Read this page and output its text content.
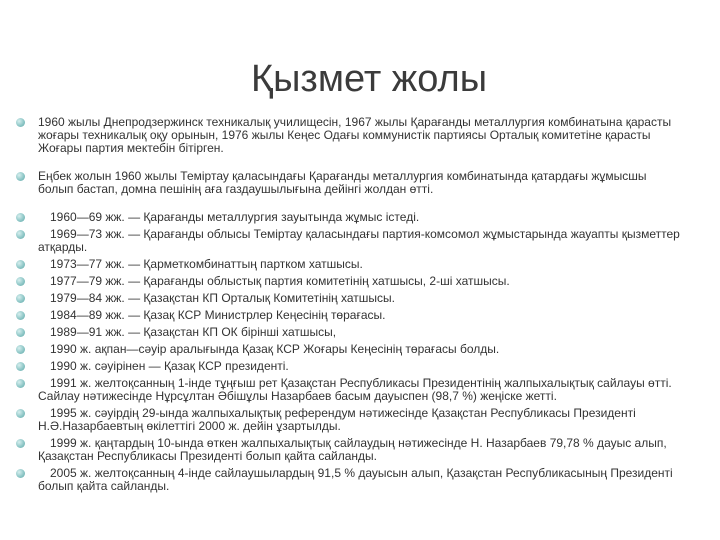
Қызмет жолы
1960 жылы Днепродзержинск техникалық училищесін, 1967 жылы Қарағанды металлургия комбинатына қарасты жоғары техникалық оқу орынын, 1976 жылы Кеңес Одағы коммунистік партиясы Орталық комитетіне қарасты Жоғары партия мектебін бітірген.
Еңбек жолын 1960 жылы Теміртау қаласындағы Қарағанды металлургия комбинатында қатардағы жұмысшы болып бастап, домна пешінің аға газдаушылығына дейінгі жолдан өтті.
1960—69 жж. — Қарағанды металлургия зауытында жұмыс істеді.
1969—73 жж. — Қарағанды облысы Теміртау қаласындағы партия-комсомол жұмыстарында жауапты қызметтер атқарды.
1973—77 жж. — Қарметкомбинаттың партком хатшысы.
1977—79 жж. — Қарағанды облыстық партия комитетінің хатшысы, 2-ші хатшысы.
1979—84 жж. — Қазақстан КП Орталық Комитетінің хатшысы.
1984—89 жж. — Қазақ КСР Министрлер Кеңесінің төрағасы.
1989—91 жж. — Қазақстан КП ОК бірінші хатшысы,
1990 ж. ақпан—сәуір аралығында Қазақ КСР Жоғары Кеңесінің төрағасы болды.
1990 ж. сәуірінен — Қазақ КСР президенті.
1991 ж. желтоқсанның 1-інде тұңғыш рет Қазақстан Республикасы Президентінің жалпыхалықтық сайлауы өтті. Сайлау нәтижесінде Нұрсұлтан Әбішұлы Назарбаев басым дауыспен (98,7 %) жеңіске жетті.
1995 ж. сәуірдің 29-ында жалпыхалықтық референдум нәтижесінде Қазақстан Республикасы Президенті Н.Ә.Назарбаевтың өкілеттігі 2000 ж. дейін ұзартылды.
1999 ж. қаңтардың 10-ында өткен жалпыхалықтық сайлаудың нәтижесінде Н. Назарбаев 79,78 % дауыс алып, Қазақстан Республикасы Президенті болып қайта сайланды.
2005 ж. желтоқсанның 4-інде сайлаушылардың 91,5 % дауысын алып, Қазақстан Республикасының Президенті болып қайта сайланды.
